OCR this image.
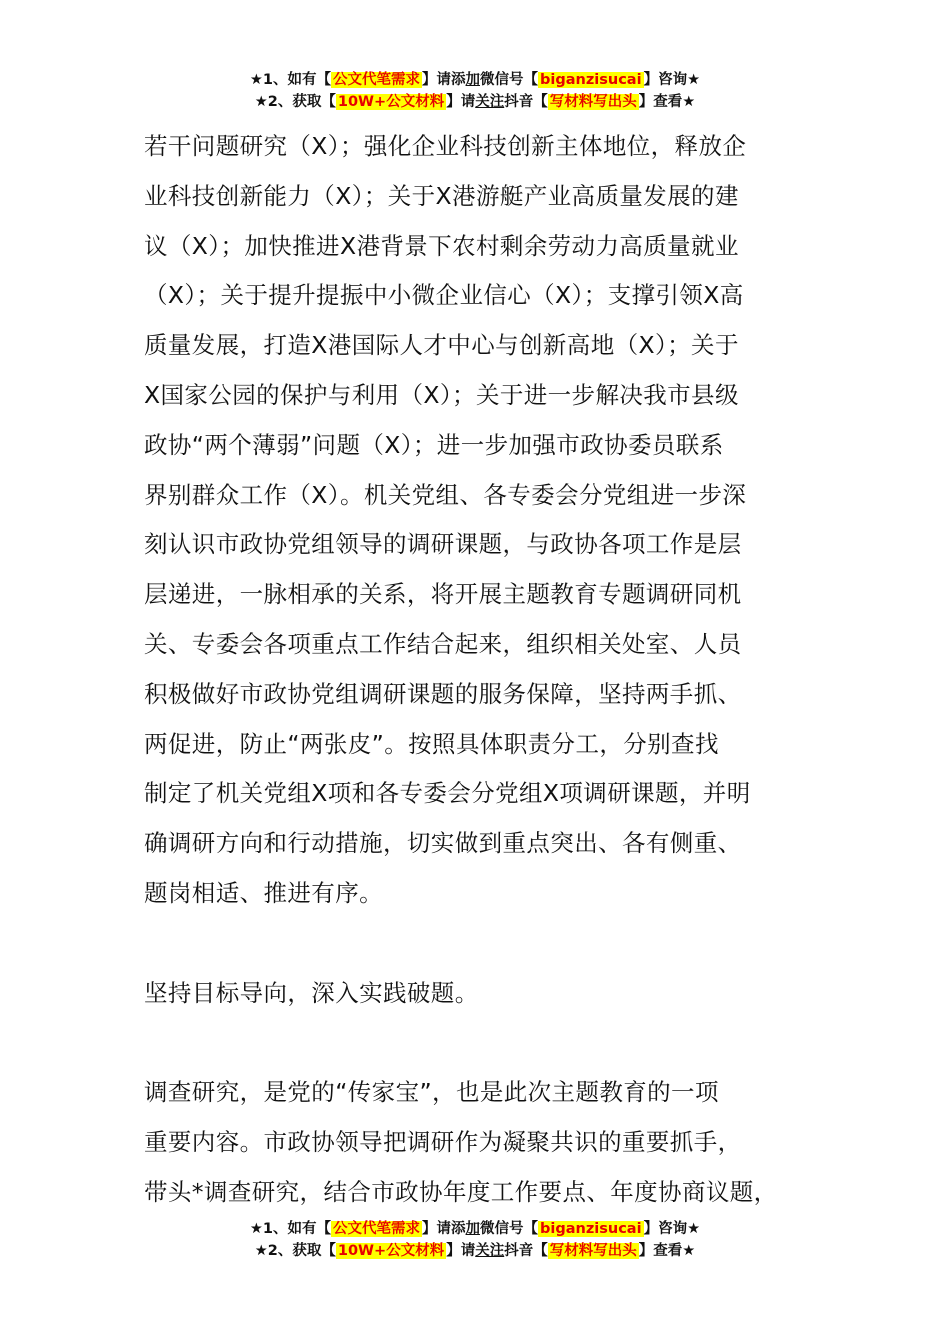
★1、如有【 公文代笔需求 】请添加微信号【 biganzisucai 】咨询★
★2、获取【 10W+公文材料 】请关注抖音【 写材料写出头 】查看★

若干问题研究（X）；强化企业科技创新主体地位，释放企

业科技创新能力（X）；关于X港游艇产业高质量发展的建

议（X）；加快推进X港背景下农村剩余劳动力高质量就业

（X）；关于提升提振中小微企业信心（X）；支撑引领X高

质量发展，打造X港国际人才中心与创新高地（X）；关于

X国家公园的保护与利用（X）；关于进一步解决我市县级

政协“两个薄弱”问题（X）；进一步加强市政协委员联系

界别群众工作（X）。机关党组、各专委会分党组进一步深

刻认识市政协党组领导的调研课题，与政协各项工作是层

层递进，一脉相承的关系，将开展主题教育专题调研同机

关、专委会各项重点工作结合起来，组织相关处室、人员

积极做好市政协党组调研课题的服务保障，坚持两手抓、

两促进，防止“两张皮”。按照具体职责分工，分别查找

制定了机关党组X项和各专委会分党组X项调研课题，并明

确调研方向和行动措施，切实做到重点突出、各有侧重、

题岗相适、推进有序。

坚持目标导向，深入实践破题。

调查研究，是党的“传家宝”，也是此次主题教育的一项

重要内容。市政协领导把调研作为凝聚共识的重要抓手，

带头*调查研究，结合市政协年度工作要点、年度协商议题，

★1、如有【 公文代笔需求 】请添加微信号【 biganzisucai 】咨询★
★2、获取【 10W+公文材料 】请关注抖音【 写材料写出头 】查看★
